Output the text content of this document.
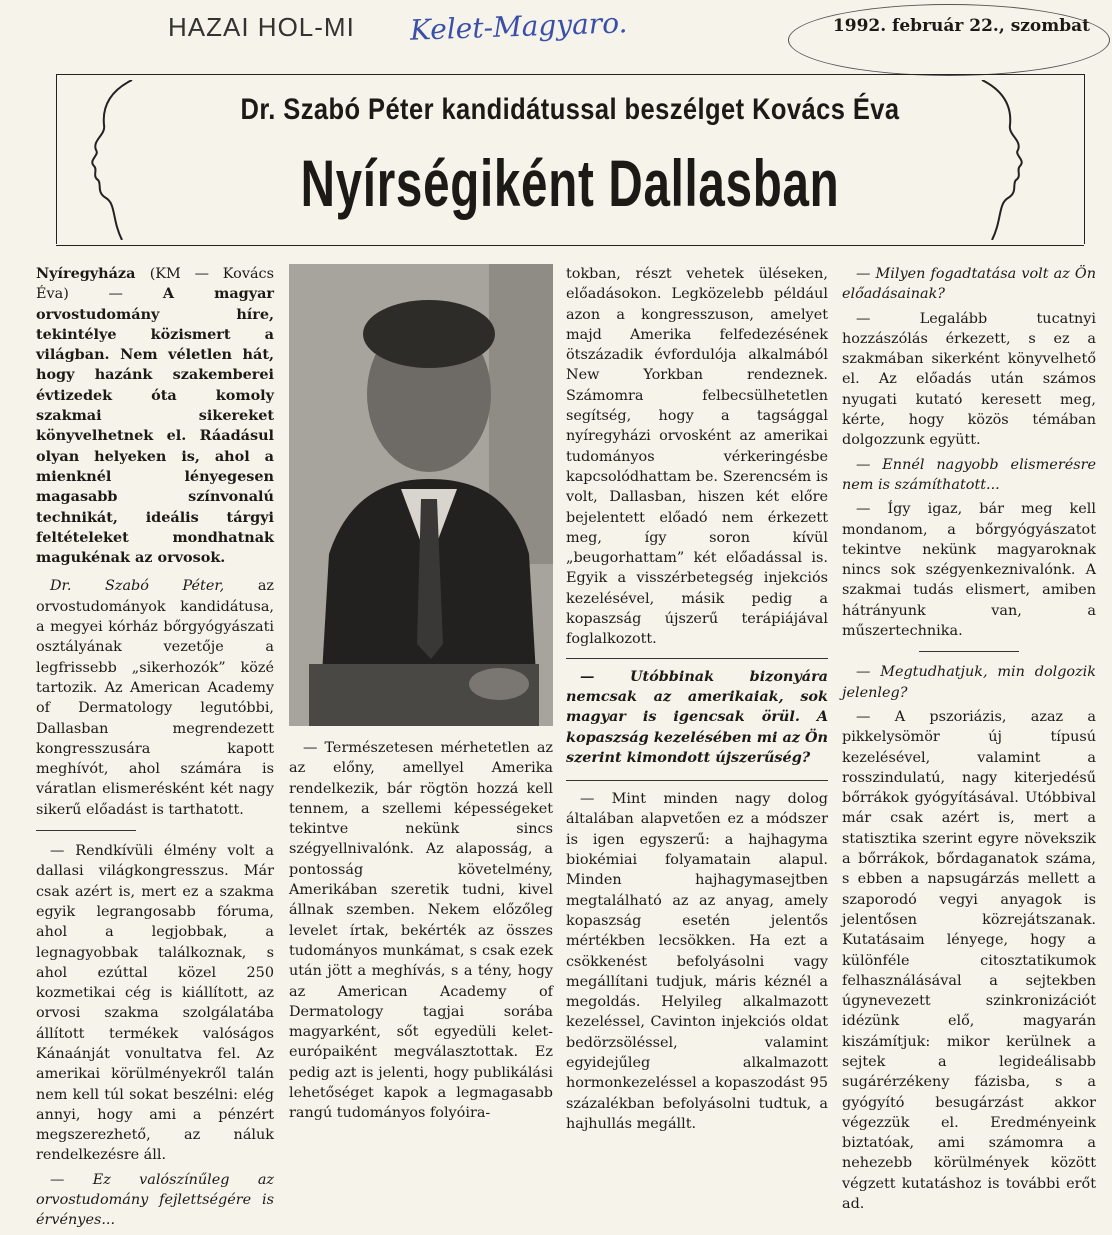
HAZAI HOL-MI Kelet-Magyaro.	1992. február 22., szombat
Dr. Szabó Péter kandidátussal beszélget Kovács Éva
Nyírségiként Dallasban

Nyíregyháza (KM — Kovács Éva) —	A magyar orvostudomány híre, tekintélye közismert a világban. Nem véletlen hát, hogy hazánk szakemberei évtizedek óta komoly szakmai sikereket könyvelhetnek el. Ráadásul olyan helyeken is, ahol a mienknél lényegesen magasabb színvonalú technikát, ideális tárgyi feltételeket mondhatnak magukénak az orvosok.

Dr. Szabó Péter, az orvostudományok kandidátusa, a megyei kórház bőrgyógyászati osztályának vezetője a legfrissebb „sikerhozók” közé tartozik. Az American Academy of Dermatology legutóbbi, Dallasban megrendezett kongresszusára kapott meghívót, ahol számára is váratlan elismerésként két nagy sikerű előadást is tarthatott.

— Rendkívüli élmény volt a dallasi világkongresszus. Már csak azért is, mert ez a szakma egyik legrangosabb fóruma, ahol a legjobbak, a legnagyobbak találkoznak, s ahol ezúttal közel 250 kozmetikai cég is kiállított, az orvosi szakma szolgálatába állított termékek valóságos Kánaánját vonultatva fel. Az amerikai körülményekről talán nem kell túl sokat beszélni: elég annyi, hogy ami a pénzért megszerezhető, az náluk rendelkezésre áll.

— Ez valószínűleg az orvostudomány fejlettségére is érvényes...

— Természetesen mérhetetlen az az előny, amellyel Amerika rendelkezik, bár rögtön hozzá kell tennem, a szellemi képességeket tekintve nekünk sincs szégyellnivalónk. Az alaposság, a pontosság követelmény, Amerikában szeretik tudni, kivel állnak szemben. Nekem előzőleg levelet írtak, bekérték az összes tudományos munkámat, s csak ezek után jött a meghívás, s a tény, hogy az American Academy of Dermatology tagjai sorába magyarként, sőt egyedüli kelet-európaiként megválasztottak. Ez pedig azt is jelenti, hogy publikálási lehetőséget kapok a legmagasabb rangú tudományos folyóira-

tokban, részt vehetek üléseken, előadásokon. Legközelebb például azon a kongresszuson, amelyet majd Amerika felfedezésének ötszázadik évfordulója alkalmából New Yorkban rendeznek. Számomra felbecsülhetetlen segítség, hogy a tagsággal nyíregyházi orvosként az amerikai tudományos vérkeringésbe kapcsolódhattam be. Szerencsém is volt, Dallasban, hiszen két előre bejelentett előadó nem érkezett meg, így soron kívül „beugorhattam” két előadással is. Egyik a visszérbetegség injekciós kezelésével, másik pedig a kopaszság újszerű terápiájával foglalkozott.

— Utóbbinak bizonyára nemcsak az amerikaiak, sok magyar is igencsak örül. A kopaszság kezelésében mi az Ön szerint kimondott újszerűség?

— Mint minden nagy dolog általában alapvetően ez a módszer is igen egyszerű: a hajhagyma biokémiai folyamatain alapul. Minden hajhagymasejtben megtalálható az az anyag, amely kopaszság esetén jelentős mértékben lecsökken. Ha ezt a csökkenést befolyásolni vagy megállítani tudjuk, máris kéznél a megoldás. Helyileg alkalmazott kezeléssel, Cavinton injekciós oldat bedörzsöléssel, valamint egyidejűleg alkalmazott hormonkezeléssel a kopaszodást 95 százalékban befolyásolni tudtuk, a hajhullás megállt.

— Milyen fogadtatása volt az Ön előadásainak?

— Legalább tucatnyi hozzászólás érkezett, s ez a szakmában sikerként könyvelhető el. Az előadás után számos nyugati kutató keresett meg, kérte, hogy közös témában dolgozzunk együtt.

— Ennél nagyobb elismerésre nem is számíthatott...

— Így igaz, bár meg kell mondanom, a bőrgyógyászatot tekintve nekünk magyaroknak nincs sok szégyenkeznivalónk. A szakmai tudás elismert, amiben hátrányunk van, a műszertechnika.

— Megtudhatjuk, min dolgozik jelenleg?

— A pszoriázis, azaz a pikkelysömör új típusú kezelésével, valamint a rosszindulatú, nagy kiterjedésű bőrrákok gyógyításával. Utóbbival már csak azért is, mert a statisztika szerint egyre növekszik a bőrrákok, bőrdaganatok száma, s ebben a napsugárzás mellett a szaporodó vegyi anyagok is jelentősen közrejátszanak. Kutatásaim lényege, hogy a különféle citosztatikumok felhasználásával a sejtekben úgynevezett szinkronizációt idézünk elő, magyarán kiszámítjuk: mikor kerülnek a sejtek a legideálisabb sugárérzékeny fázisba, s a gyógyító besugárzást akkor végezzük el. Eredményeink biztatóak, ami számomra a nehezebb körülmények között végzett kutatáshoz is további erőt ad.
